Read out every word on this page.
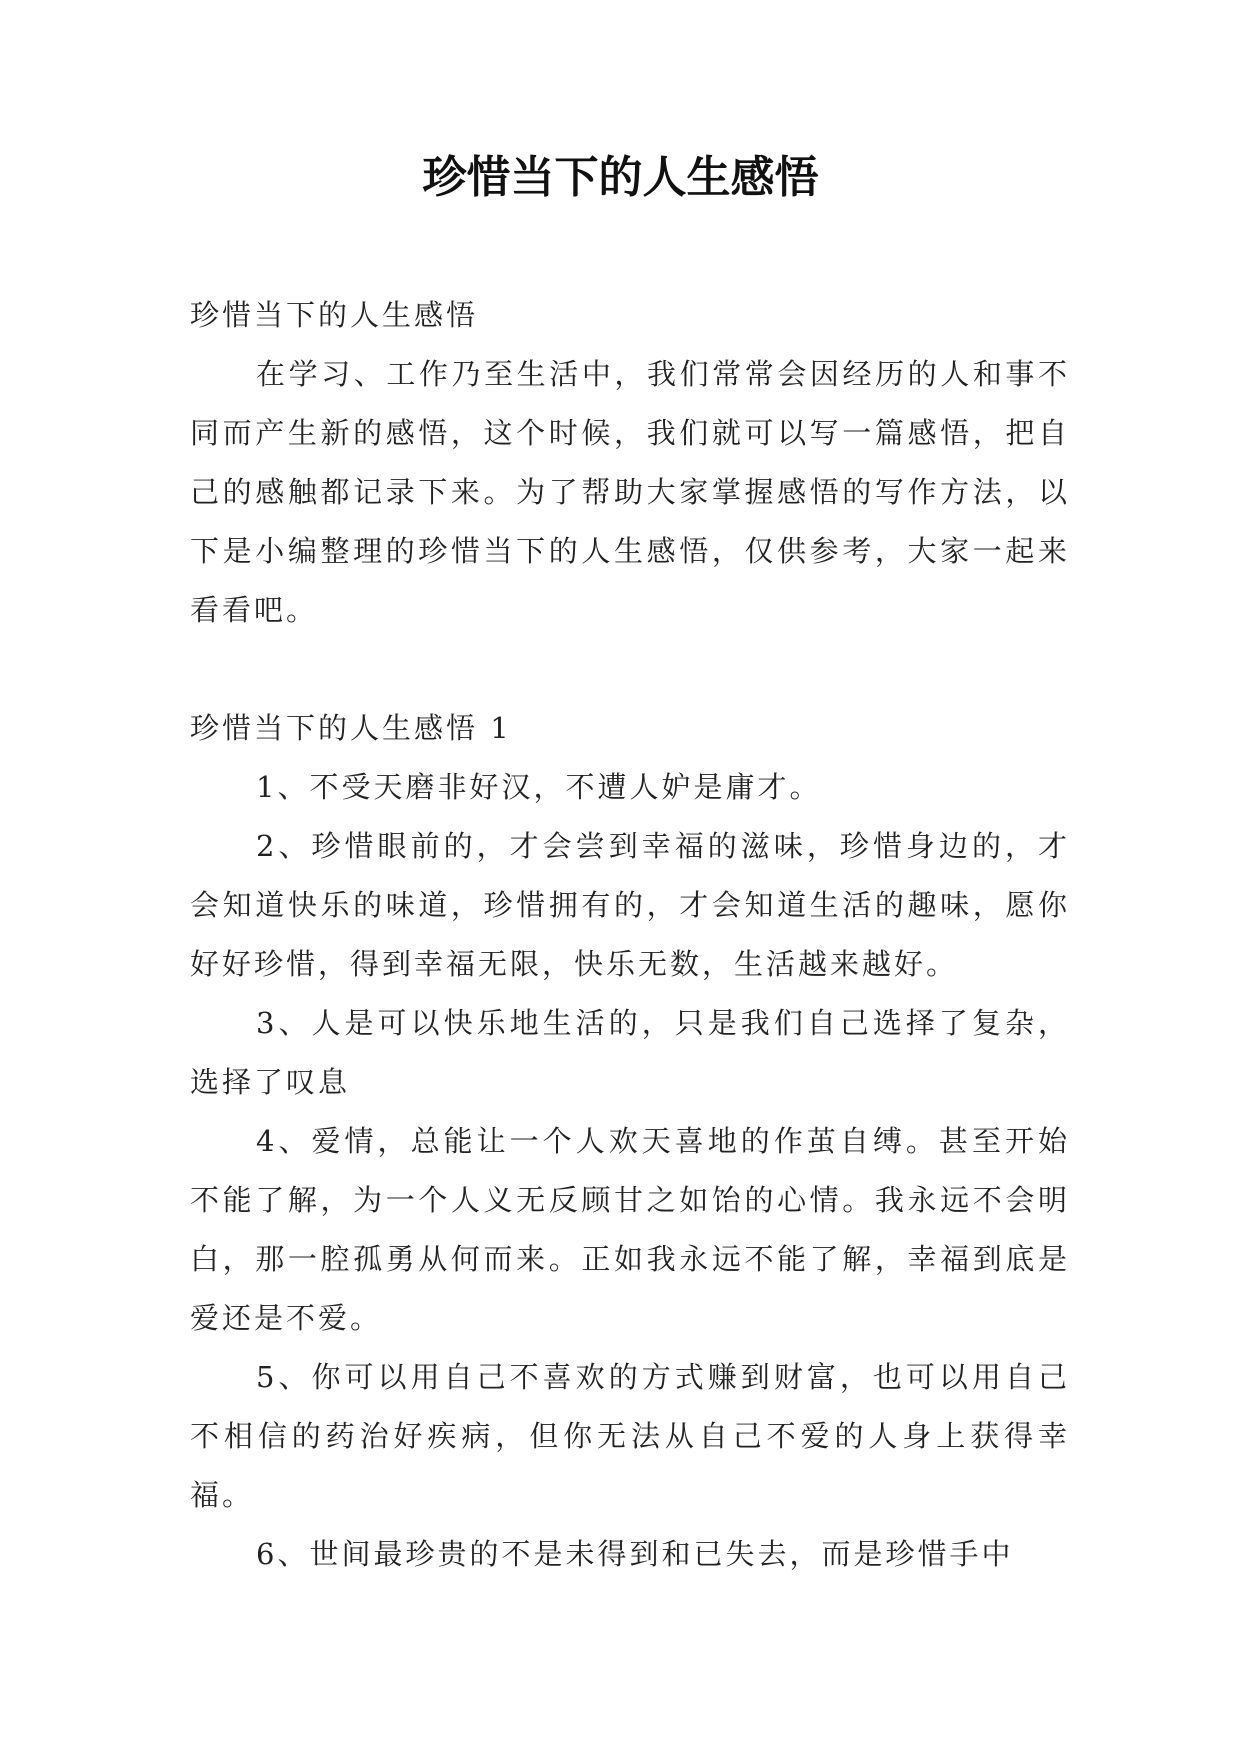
珍惜当下的人生感悟

珍惜当下的人生感悟

在学习、工作乃至生活中，我们常常会因经历的人和事不同而产生新的感悟，这个时候，我们就可以写一篇感悟，把自己的感触都记录下来。为了帮助大家掌握感悟的写作方法，以下是小编整理的珍惜当下的人生感悟，仅供参考，大家一起来看看吧。

珍惜当下的人生感悟 1

1、不受天磨非好汉，不遭人妒是庸才。

2、珍惜眼前的，才会尝到幸福的滋味，珍惜身边的，才会知道快乐的味道，珍惜拥有的，才会知道生活的趣味，愿你好好珍惜，得到幸福无限，快乐无数，生活越来越好。

3、人是可以快乐地生活的，只是我们自己选择了复杂，选择了叹息

4、爱情，总能让一个人欢天喜地的作茧自缚。甚至开始不能了解，为一个人义无反顾甘之如饴的心情。我永远不会明白，那一腔孤勇从何而来。正如我永远不能了解，幸福到底是爱还是不爱。

5、你可以用自己不喜欢的方式赚到财富，也可以用自己不相信的药治好疾病，但你无法从自己不爱的人身上获得幸福。

6、世间最珍贵的不是未得到和已失去，而是珍惜手中
